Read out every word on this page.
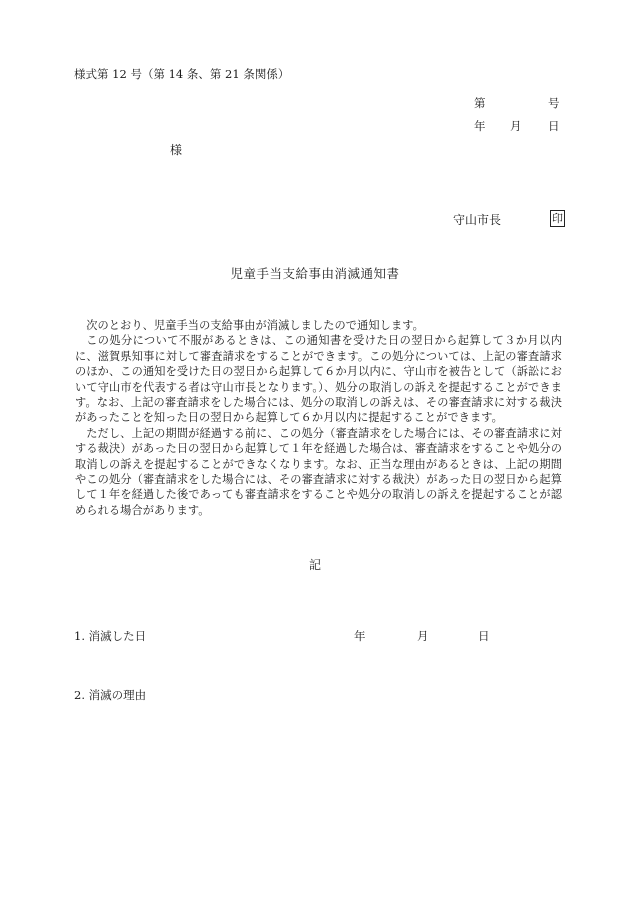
様式第 12 号（第 14 条、第 21 条関係）
第	号
年 月 日
様
守山市長	印
児童手当支給事由消滅通知書

次のとおり、児童手当の支給事由が消滅しましたので通知します。

この処分について不服があるときは、この通知書を受けた日の翌日から起算して３か月以内に、滋賀県知事に対して審査請求をすることができます。この処分については、上記の審査請求のほか、この通知を受けた日の翌日から起算して６か月以内に、守山市を被告として（訴訟において守山市を代表する者は守山市長となります。）、処分の取消しの訴えを提起することができます。なお、上記の審査請求をした場合には、処分の取消しの訴えは、その審査請求に対する裁決があったことを知った日の翌日から起算して６か月以内に提起することができます。

ただし、上記の期間が経過する前に、この処分（審査請求をした場合には、その審査請求に対する裁決）があった日の翌日から起算して１年を経過した場合は、審査請求をすることや処分の取消しの訴えを提起することができなくなります。なお、正当な理由があるときは、上記の期間やこの処分（審査請求をした場合には、その審査請求に対する裁決）があった日の翌日から起算して１年を経過した後であっても審査請求をすることや処分の取消しの訴えを提起することが認められる場合があります。

記
1. 消滅した日	年	月	日
2. 消滅の理由
